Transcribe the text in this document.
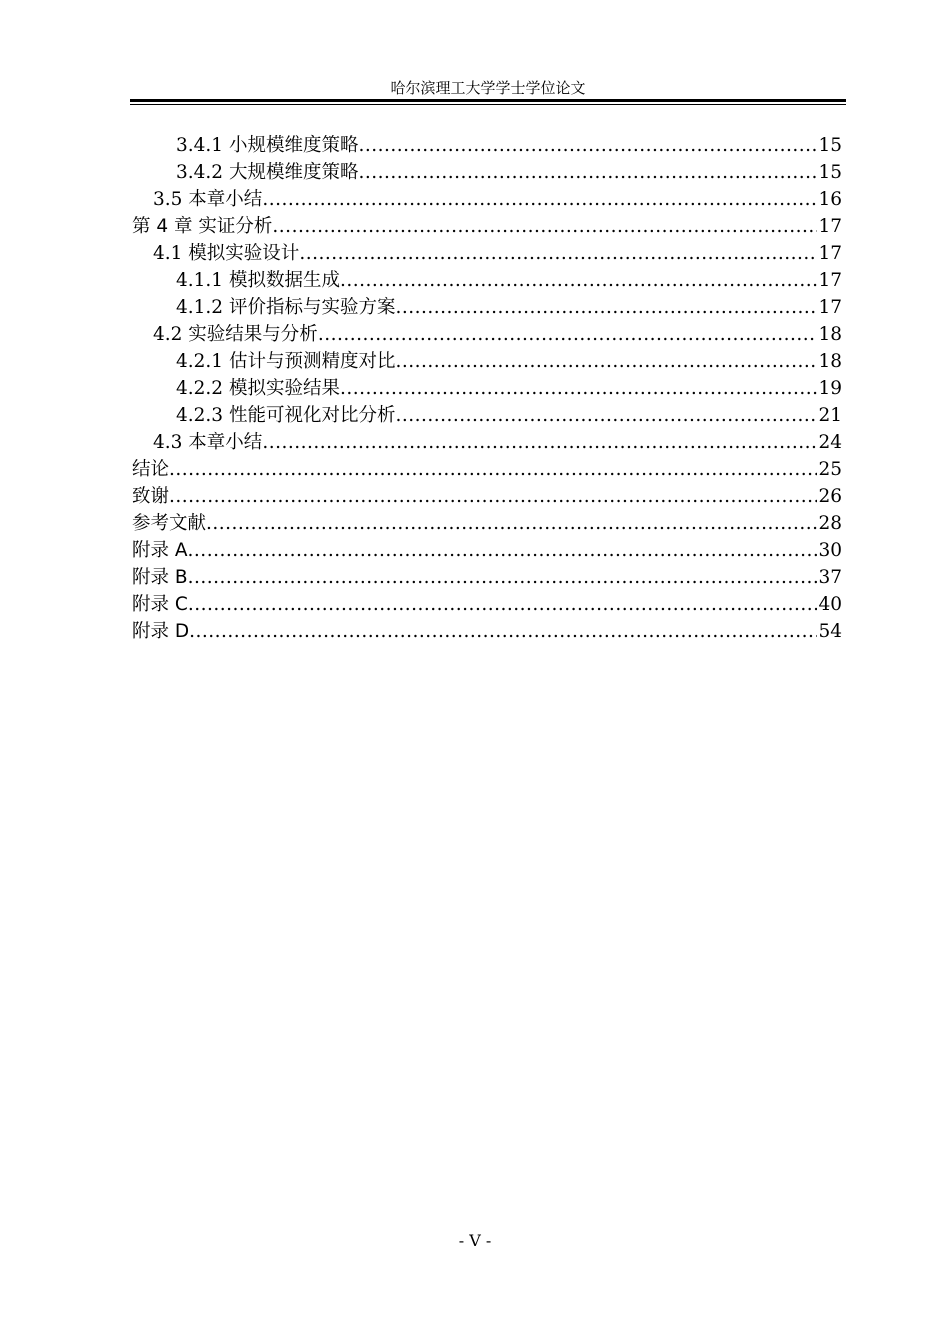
哈尔滨理工大学学士学位论文
3.4.1 小规模维度策略 .....	15
3.4.2 大规模维度策略 .....	15
3.5 本章小结 .....	16
第 4 章 实证分析 .....	17
4.1 模拟实验设计 .....	17
4.1.1 模拟数据生成 .....	17
4.1.2 评价指标与实验方案 .....	17
4.2 实验结果与分析 .....	18
4.2.1 估计与预测精度对比 .....	18
4.2.2 模拟实验结果 .....	19
4.2.3 性能可视化对比分析 .....	21
4.3 本章小结 .....	24
结论 .....	25
致谢 .....	26
参考文献 .....	28
附录 A .....	30
附录 B .....	37
附录 C .....	40
附录 D .....	54
- V -
